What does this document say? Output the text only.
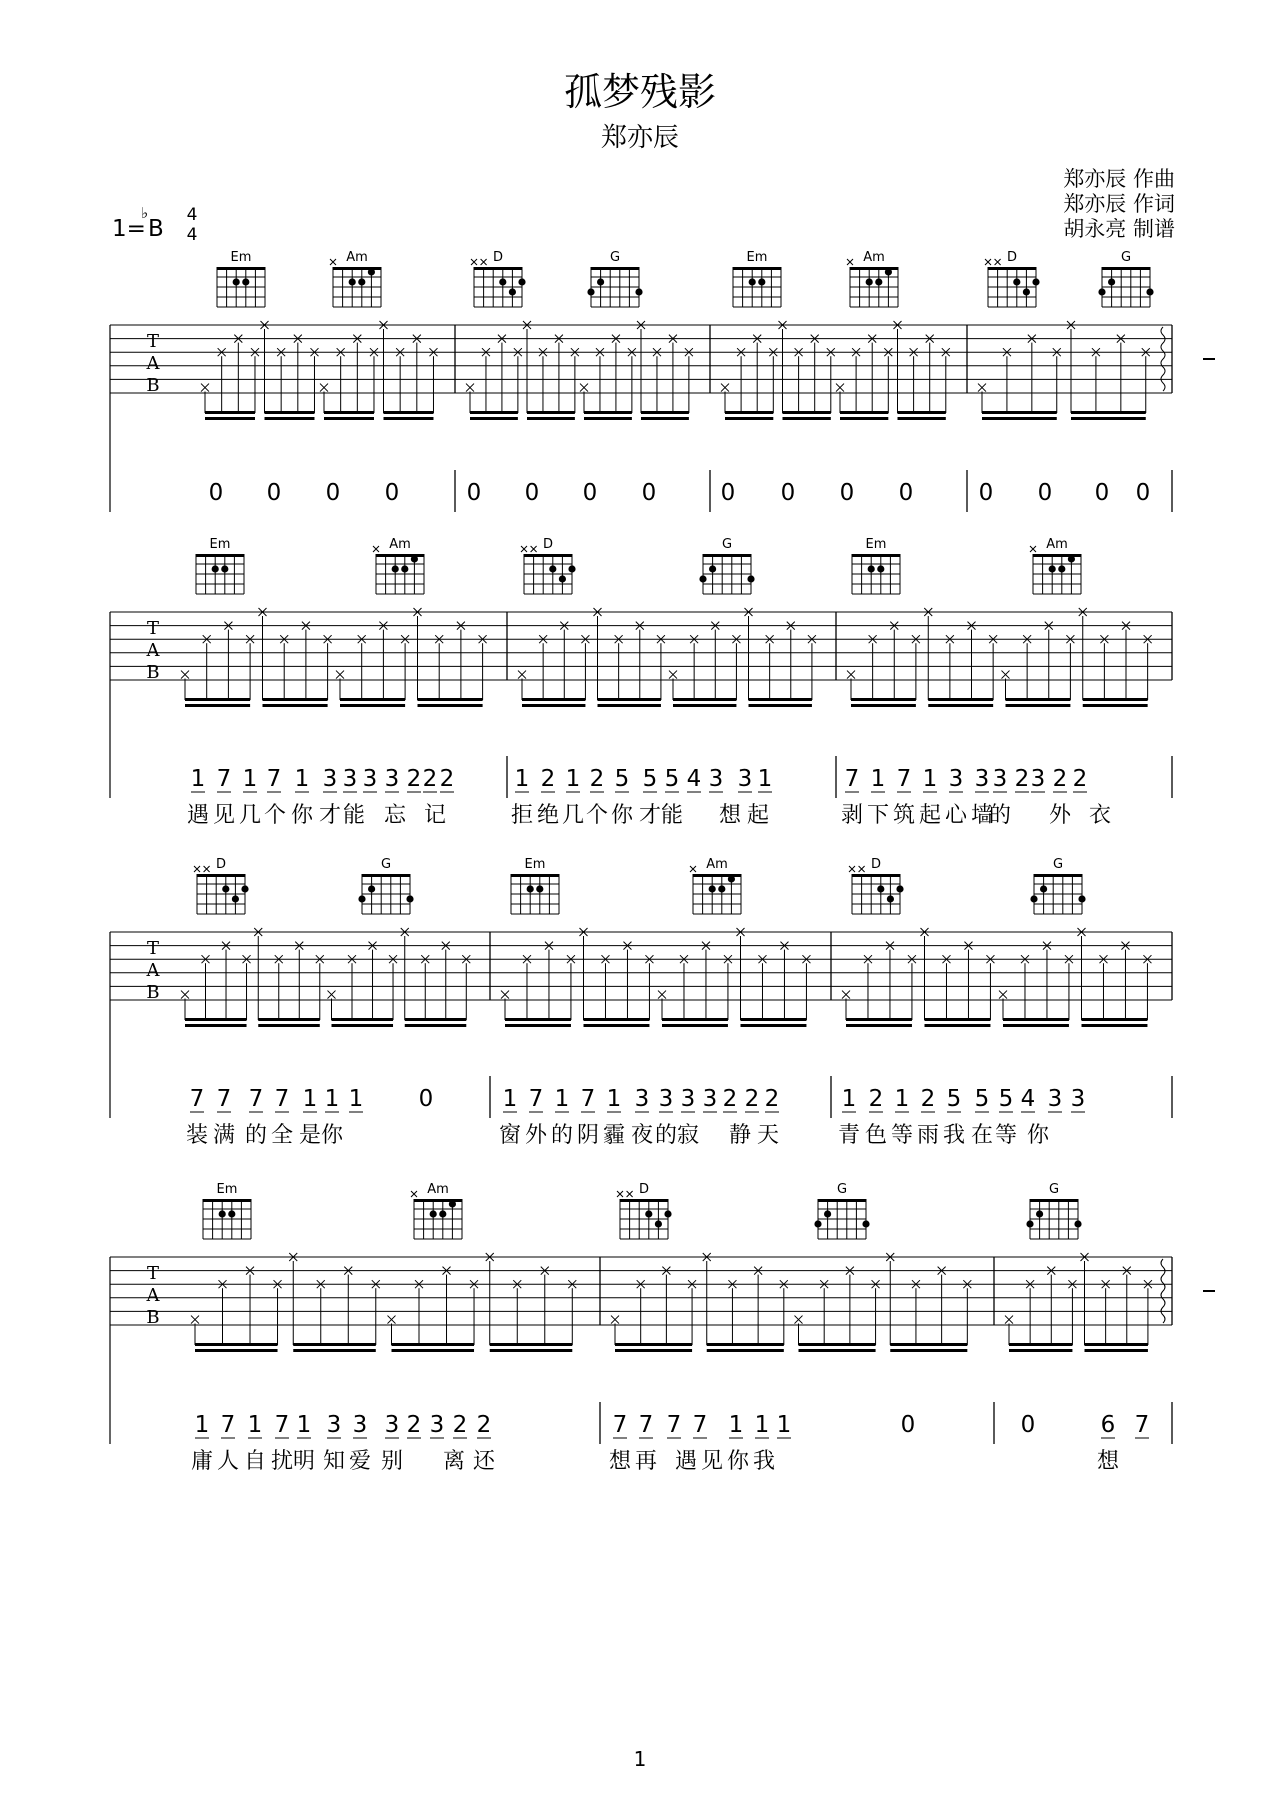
孤梦残影
郑亦辰
郑亦辰 作曲
郑亦辰 作词
胡永亮 制谱
1=
♭
B
4
4
T
A
B
0 0 0 0	0 0 0 0	0 0 0 0	0 0 0 0
Em	Am	D	G	Em	Am	D	G
T
A
B
1 7 1 7 1 3 3 3 3 2 2 2	1 2 1 2 5 5 5 4 3 3 1	7 1 7 1 3 3 3 2 3 2 2
遇 见 几 个 你 才 能 忘 记	拒 绝 几 个 你 才 能 想 起	剥 下 筑 起 心 墙
的 外 衣
Em	Am	D	G	Em	Am
T
A
B
7 7 7 7 1 1 1 0	1 7 1 7 1 3 3 3 3 2 2 2	1 2 1 2 5 5 5 4 3 3
装 满 的 全 是 你	窗 外 的 阴 霾 夜 的 寂 静 天	青 色 等 雨 我 在 等 你
D	G	Em	Am	D	G
T
A
B
1 7 1 7 1 3 3 3 2 3 2 2	7 7 7 7 1 1 1	0	0	6 7
庸 人 自 扰 明 知 爱 别 离 还	想 再 遇 见 你 我	想
Em	Am	D	G	G
1
